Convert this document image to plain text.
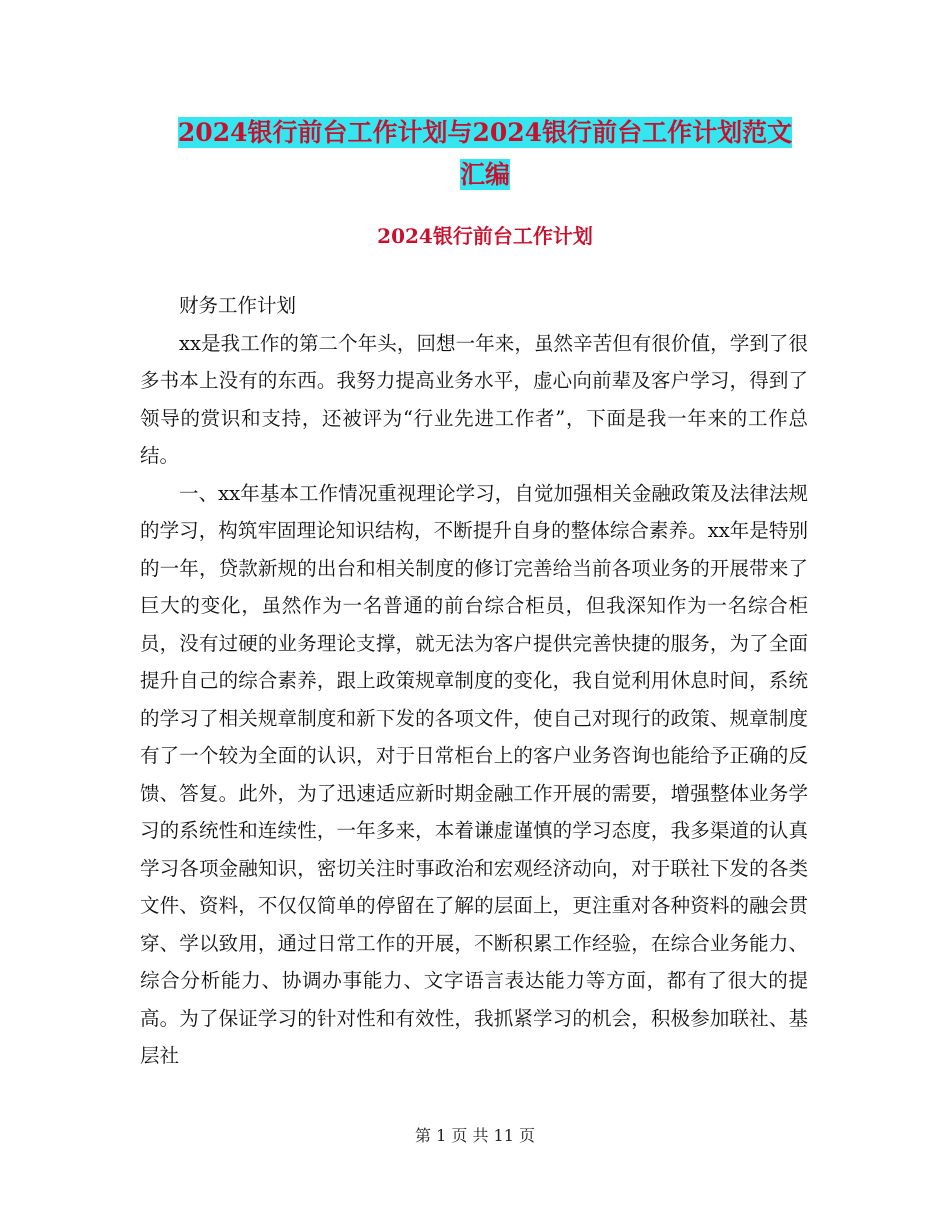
2024银行前台工作计划与2024银行前台工作计划范文
汇编
2024银行前台工作计划

财务工作计划

xx是我工作的第二个年头，回想一年来，虽然辛苦但有很价值，学到了很多书本上没有的东西。我努力提高业务水平，虚心向前辈及客户学习，得到了领导的赏识和支持，还被评为“行业先进工作者”，下面是我一年来的工作总结。

一、xx年基本工作情况重视理论学习，自觉加强相关金融政策及法律法规的学习，构筑牢固理论知识结构，不断提升自身的整体综合素养。xx年是特别的一年，贷款新规的出台和相关制度的修订完善给当前各项业务的开展带来了巨大的变化，虽然作为一名普通的前台综合柜员，但我深知作为一名综合柜员，没有过硬的业务理论支撑，就无法为客户提供完善快捷的服务，为了全面提升自己的综合素养，跟上政策规章制度的变化，我自觉利用休息时间，系统的学习了相关规章制度和新下发的各项文件，使自己对现行的政策、规章制度有了一个较为全面的认识，对于日常柜台上的客户业务咨询也能给予正确的反馈、答复。此外，为了迅速适应新时期金融工作开展的需要，增强整体业务学习的系统性和连续性，一年多来，本着谦虚谨慎的学习态度，我多渠道的认真学习各项金融知识，密切关注时事政治和宏观经济动向，对于联社下发的各类文件、资料，不仅仅简单的停留在了解的层面上，更注重对各种资料的融会贯穿、学以致用，通过日常工作的开展，不断积累工作经验，在综合业务能力、综合分析能力、协调办事能力、文字语言表达能力等方面，都有了很大的提高。为了保证学习的针对性和有效性，我抓紧学习的机会，积极参加联社、基层社

第 1 页 共 11 页
